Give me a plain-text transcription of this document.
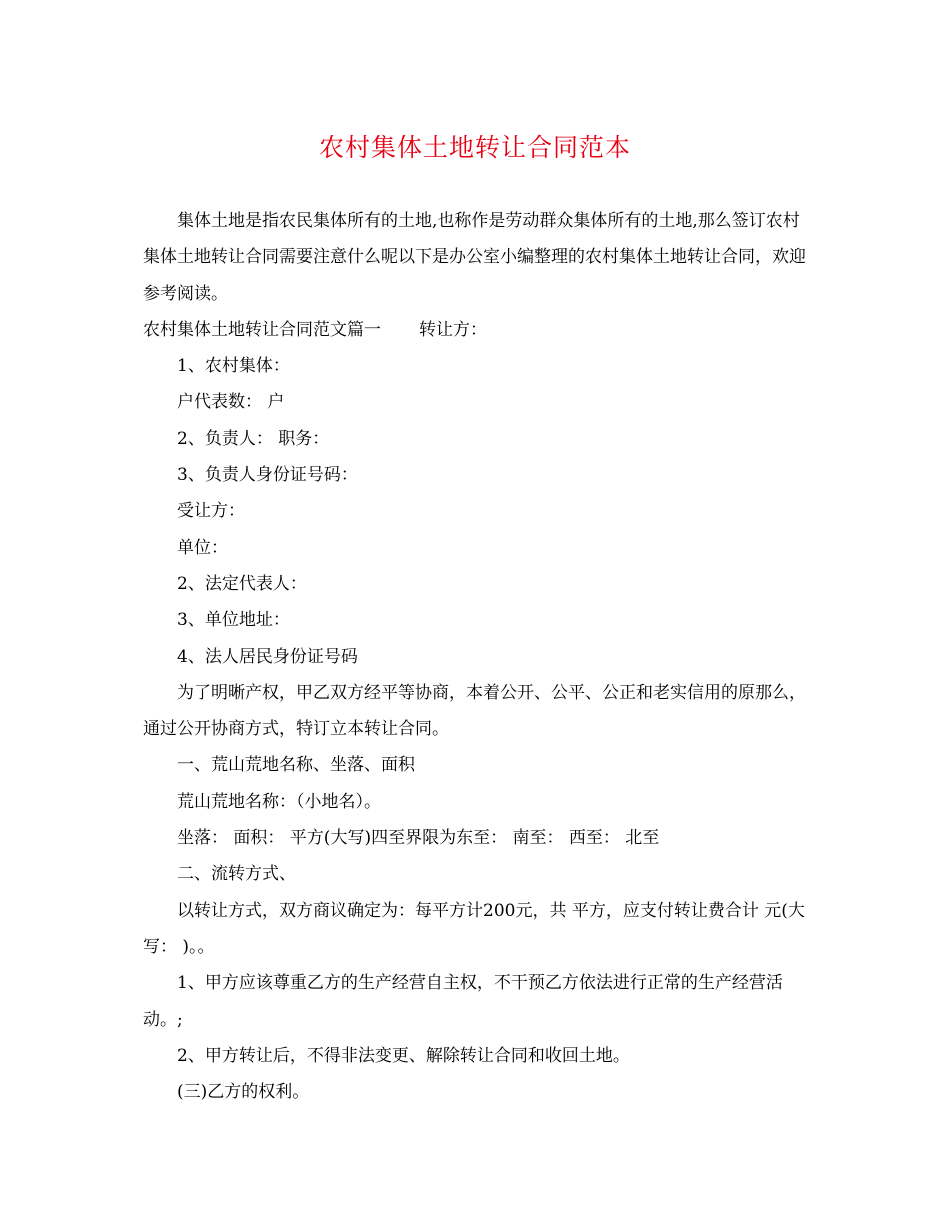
农村集体土地转让合同范本

集体土地是指农民集体所有的土地,也称作是劳动群众集体所有的土地,那么签订农村集体土地转让合同需要注意什么呢以下是办公室小编整理的农村集体土地转让合同，欢迎参考阅读。

农村集体土地转让合同范文篇一 转让方：

1、农村集体：

户代表数： 户

2、负责人： 职务：

3、负责人身份证号码：

受让方：

单位：

2、法定代表人：

3、单位地址：

4、法人居民身份证号码

为了明晰产权，甲乙双方经平等协商，本着公开、公平、公正和老实信用的原那么，通过公开协商方式，特订立本转让合同。

一、荒山荒地名称、坐落、面积

荒山荒地名称：（小地名）。

坐落： 面积： 平方(大写)四至界限为东至： 南至： 西至： 北至

二、流转方式、

以转让方式，双方商议确定为：每平方计200元，共 平方，应支付转让费合计 元(大写： )。。

1、甲方应该尊重乙方的生产经营自主权，不干预乙方依法进行正常的生产经营活动。;

2、甲方转让后，不得非法变更、解除转让合同和收回土地。

(三)乙方的权利。
